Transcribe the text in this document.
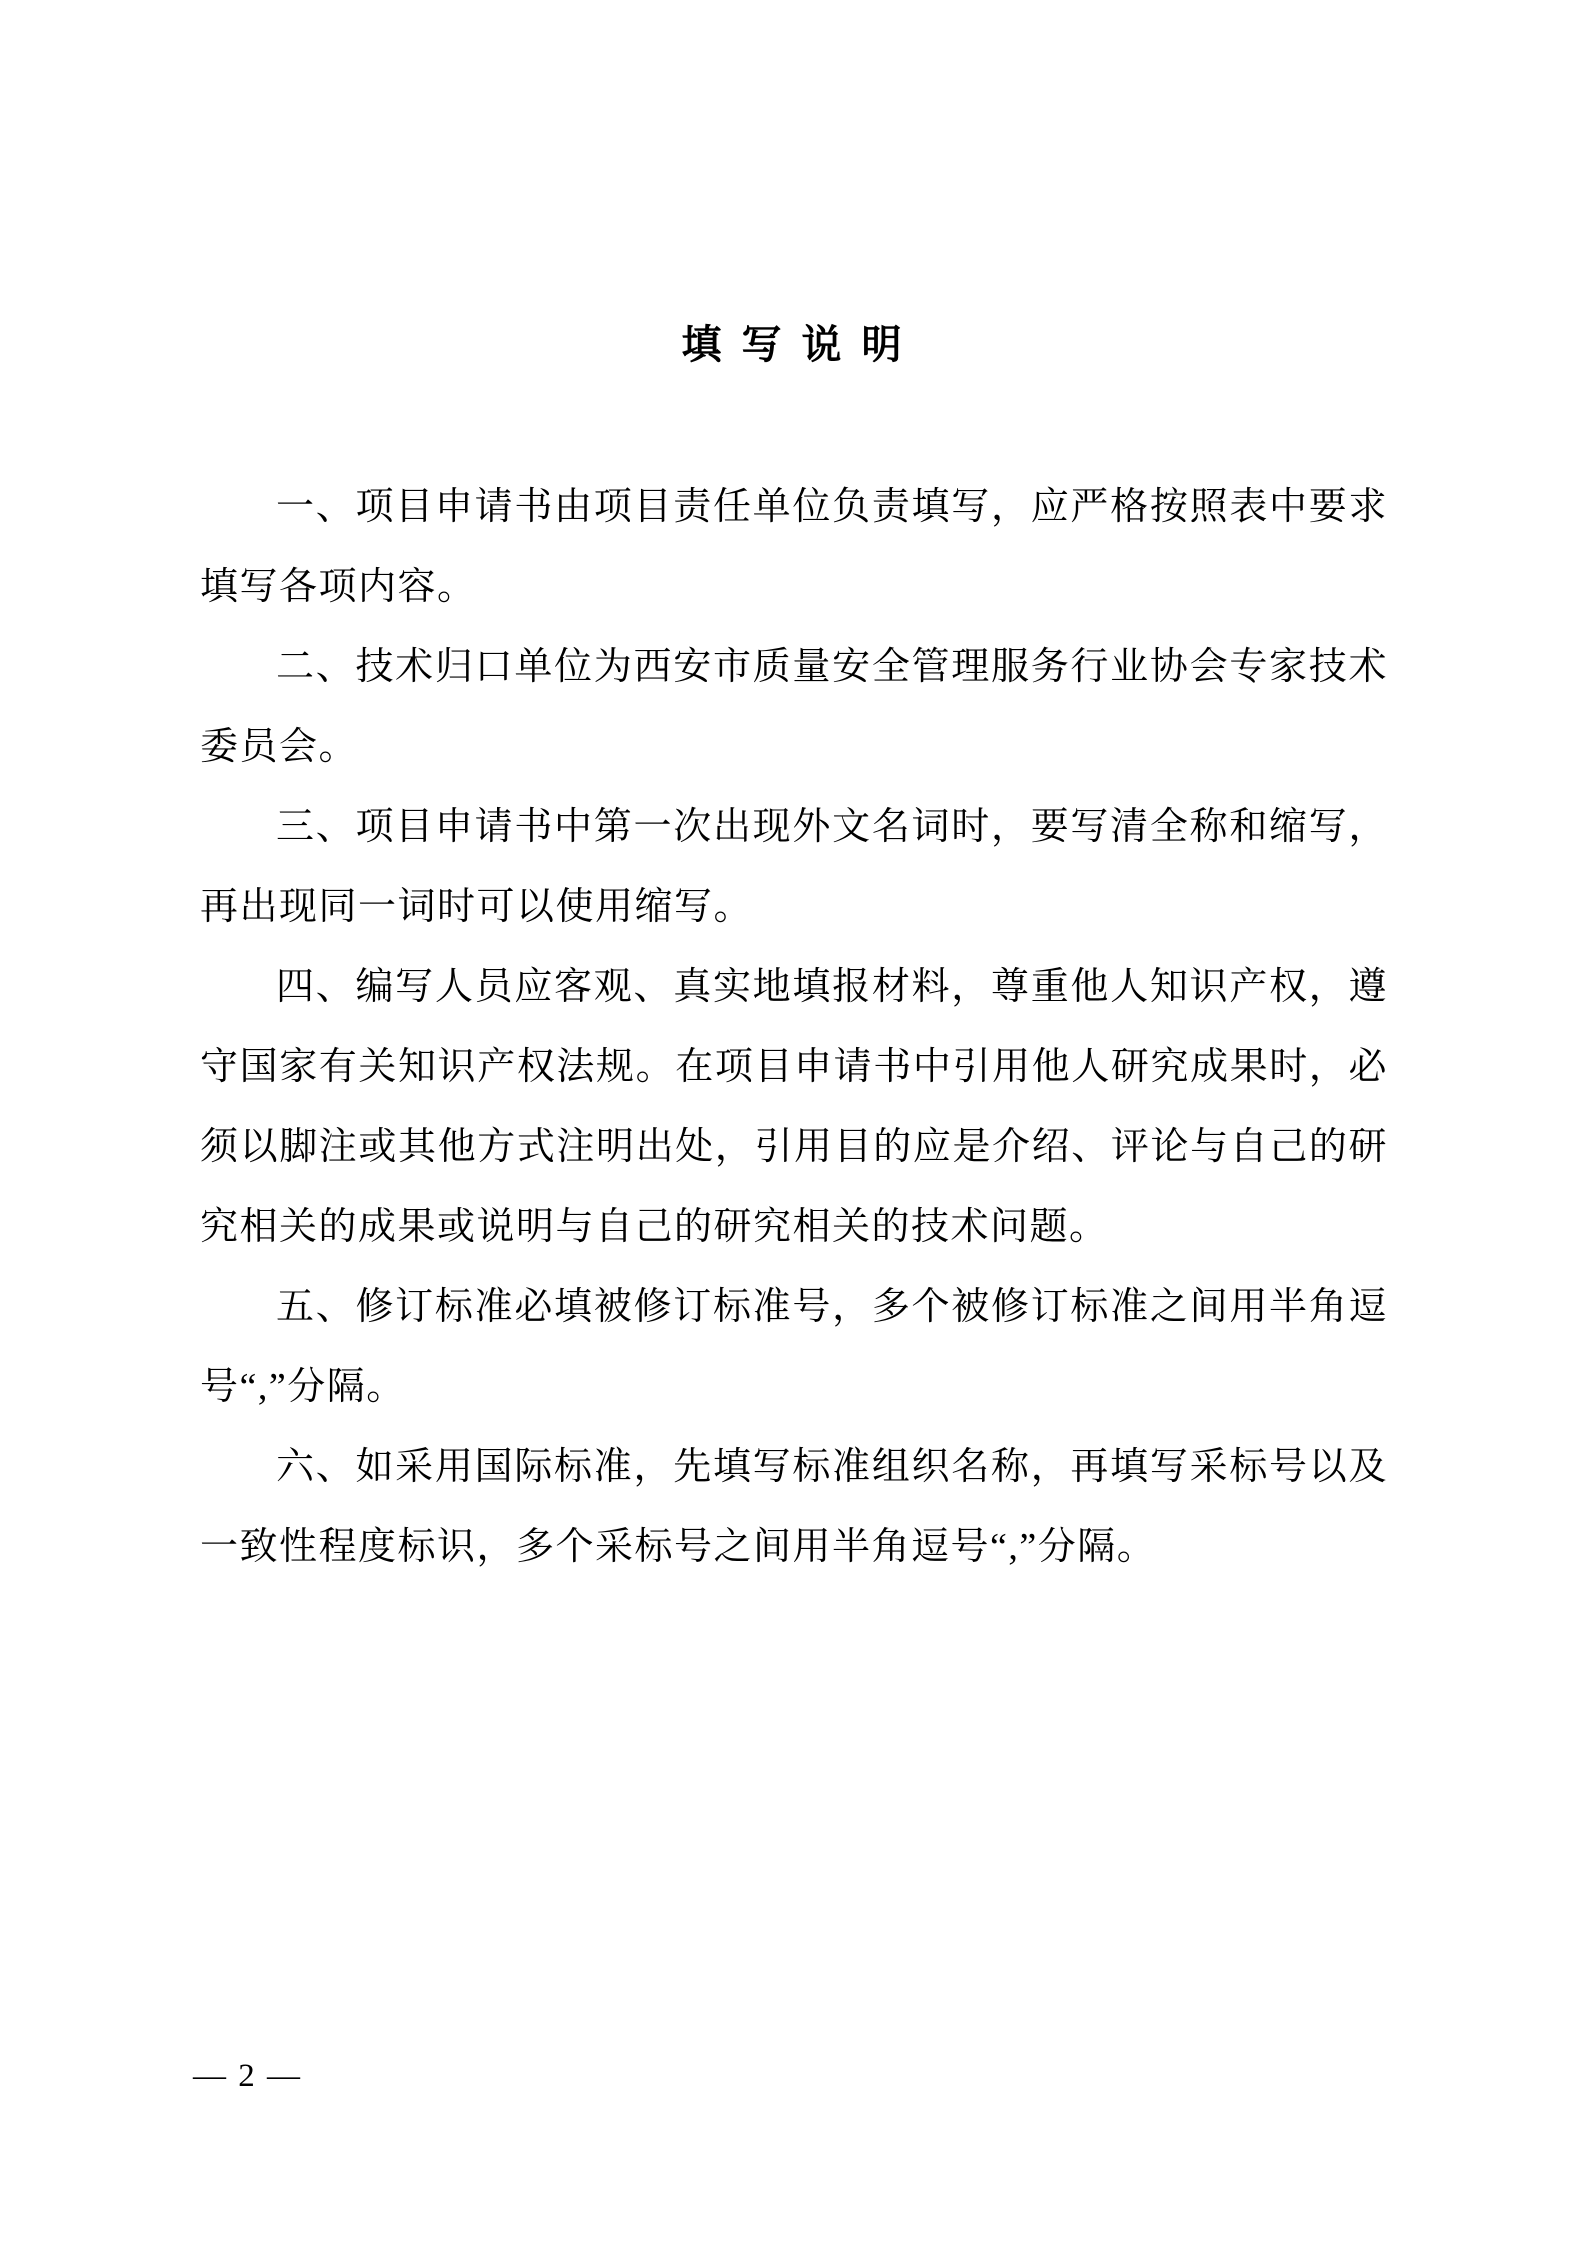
填 写 说 明

一、项目申请书由项目责任单位负责填写，应严格按照表中要求填写各项内容。

二、技术归口单位为西安市质量安全管理服务行业协会专家技术委员会。

三、项目申请书中第一次出现外文名词时，要写清全称和缩写，再出现同一词时可以使用缩写。

四、编写人员应客观、真实地填报材料，尊重他人知识产权，遵守国家有关知识产权法规。在项目申请书中引用他人研究成果时，必须以脚注或其他方式注明出处，引用目的应是介绍、评论与自己的研究相关的成果或说明与自己的研究相关的技术问题。

五、修订标准必填被修订标准号，多个被修订标准之间用半角逗号“,”分隔。

六、如采用国际标准，先填写标准组织名称，再填写采标号以及一致性程度标识，多个采标号之间用半角逗号“,”分隔。

— 2 —
